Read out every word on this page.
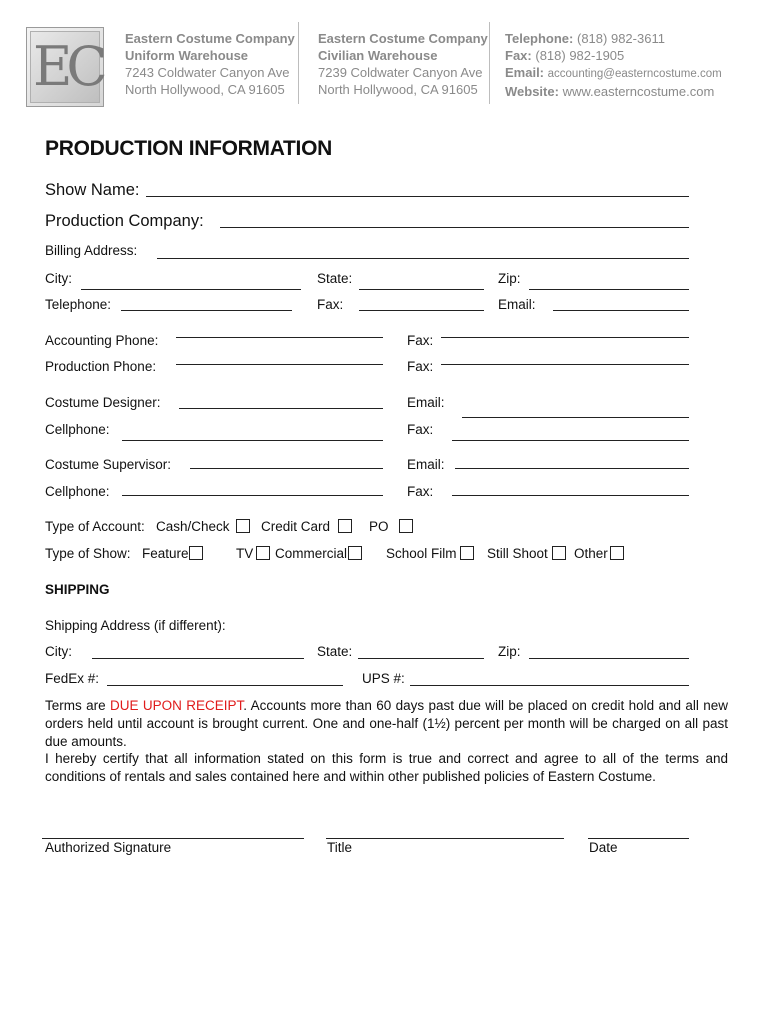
EC Eastern Costume Company
Uniform Warehouse
7243 Coldwater Canyon Ave
North Hollywood, CA 91605
Eastern Costume Company
Civilian Warehouse
7239 Coldwater Canyon Ave
North Hollywood, CA 91605
Telephone: (818) 982-3611
Fax: (818) 982-1905
Email: accounting@easterncostume.com
Website: www.easterncostume.com
PRODUCTION INFORMATION
Show Name:
Production Company:
Billing Address:
City:	State:	Zip:
Telephone:	Fax:	Email:
Accounting Phone:	Fax:
Production Phone:	Fax:
Costume Designer:	Email:
Cellphone:	Fax:
Costume Supervisor:	Email:
Cellphone:	Fax:
Type of Account: Cash/Check Credit Card	PO
Type of Show: Feature	TV Commercial	School Film Still Shoot Other
SHIPPING
Shipping Address (if different):
City:	State:	Zip:
FedEx #:	UPS #:
Terms are DUE UPON RECEIPT. Accounts more than 60 days past due will be placed on credit hold and all new orders held until account is brought current. One and one-half (1½) percent per month will be charged on all past due amounts.
I hereby certify that all information stated on this form is true and correct and agree to all of the terms and conditions of rentals and sales contained here and within other published policies of Eastern Costume.
Authorized Signature	Title	Date
